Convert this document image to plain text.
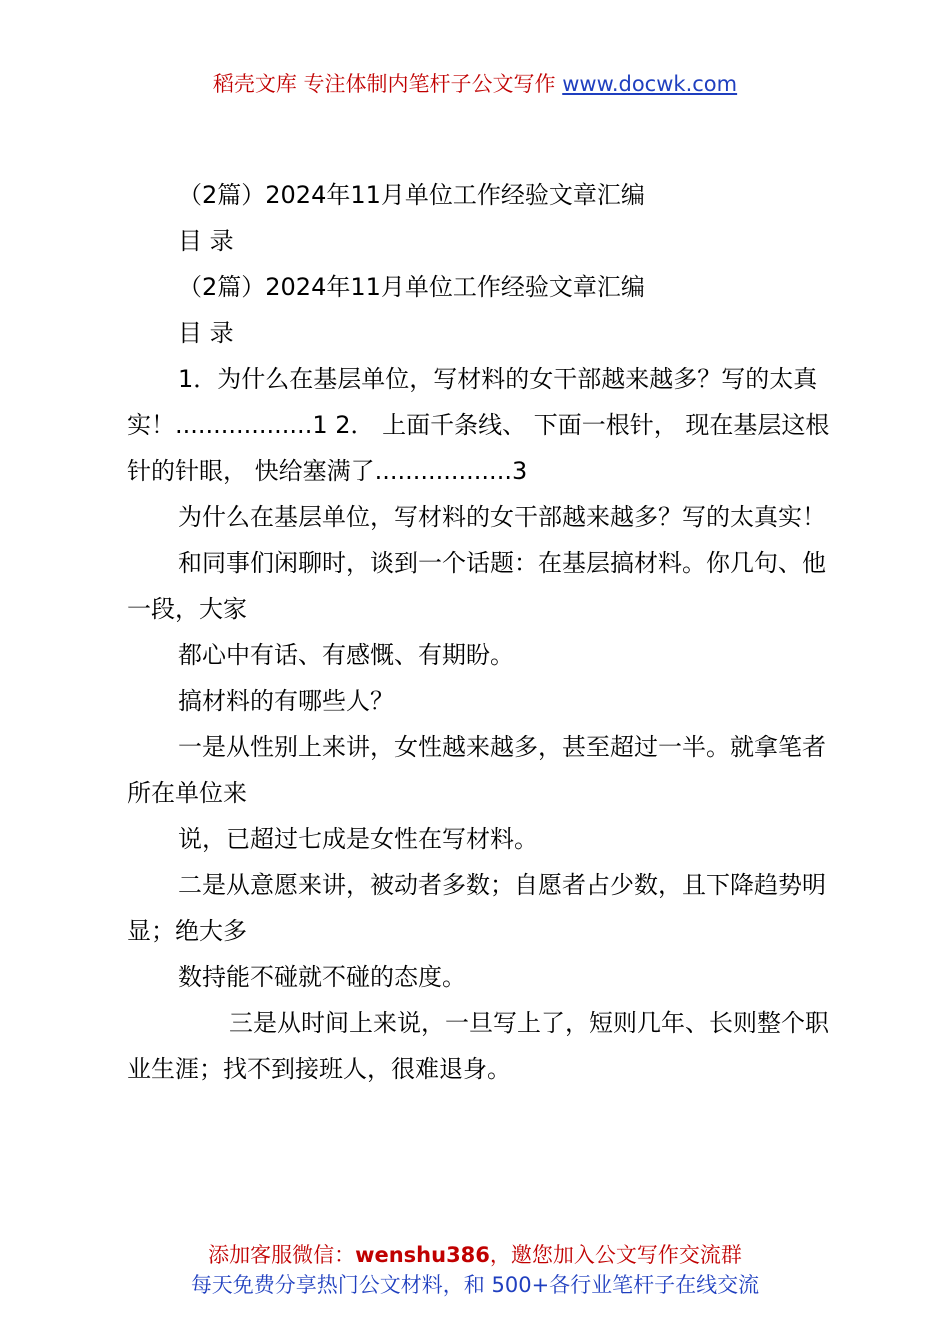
稻壳文库 专注体制内笔杆子公文写作 www.docwk.com

（2篇）2024年11月单位工作经验文章汇编

目 录

（2篇）2024年11月单位工作经验文章汇编

目 录

1．为什么在基层单位，写材料的女干部越来越多？写的太真实！..................1 2． 上面千条线、 下面一根针， 现在基层这根针的针眼， 快给塞满了..................3

为什么在基层单位，写材料的女干部越来越多？写的太真实！

和同事们闲聊时，谈到一个话题：在基层搞材料。你几句、他一段，大家

都心中有话、有感慨、有期盼。

搞材料的有哪些人？

一是从性别上来讲，女性越来越多，甚至超过一半。就拿笔者所在单位来

说，已超过七成是女性在写材料。

二是从意愿来讲，被动者多数；自愿者占少数，且下降趋势明显；绝大多

数持能不碰就不碰的态度。

三是从时间上来说，一旦写上了，短则几年、长则整个职业生涯；找不到接班人，很难退身。

添加客服微信：wenshu386，邀您加入公文写作交流群
每天免费分享热门公文材料，和 500+各行业笔杆子在线交流
